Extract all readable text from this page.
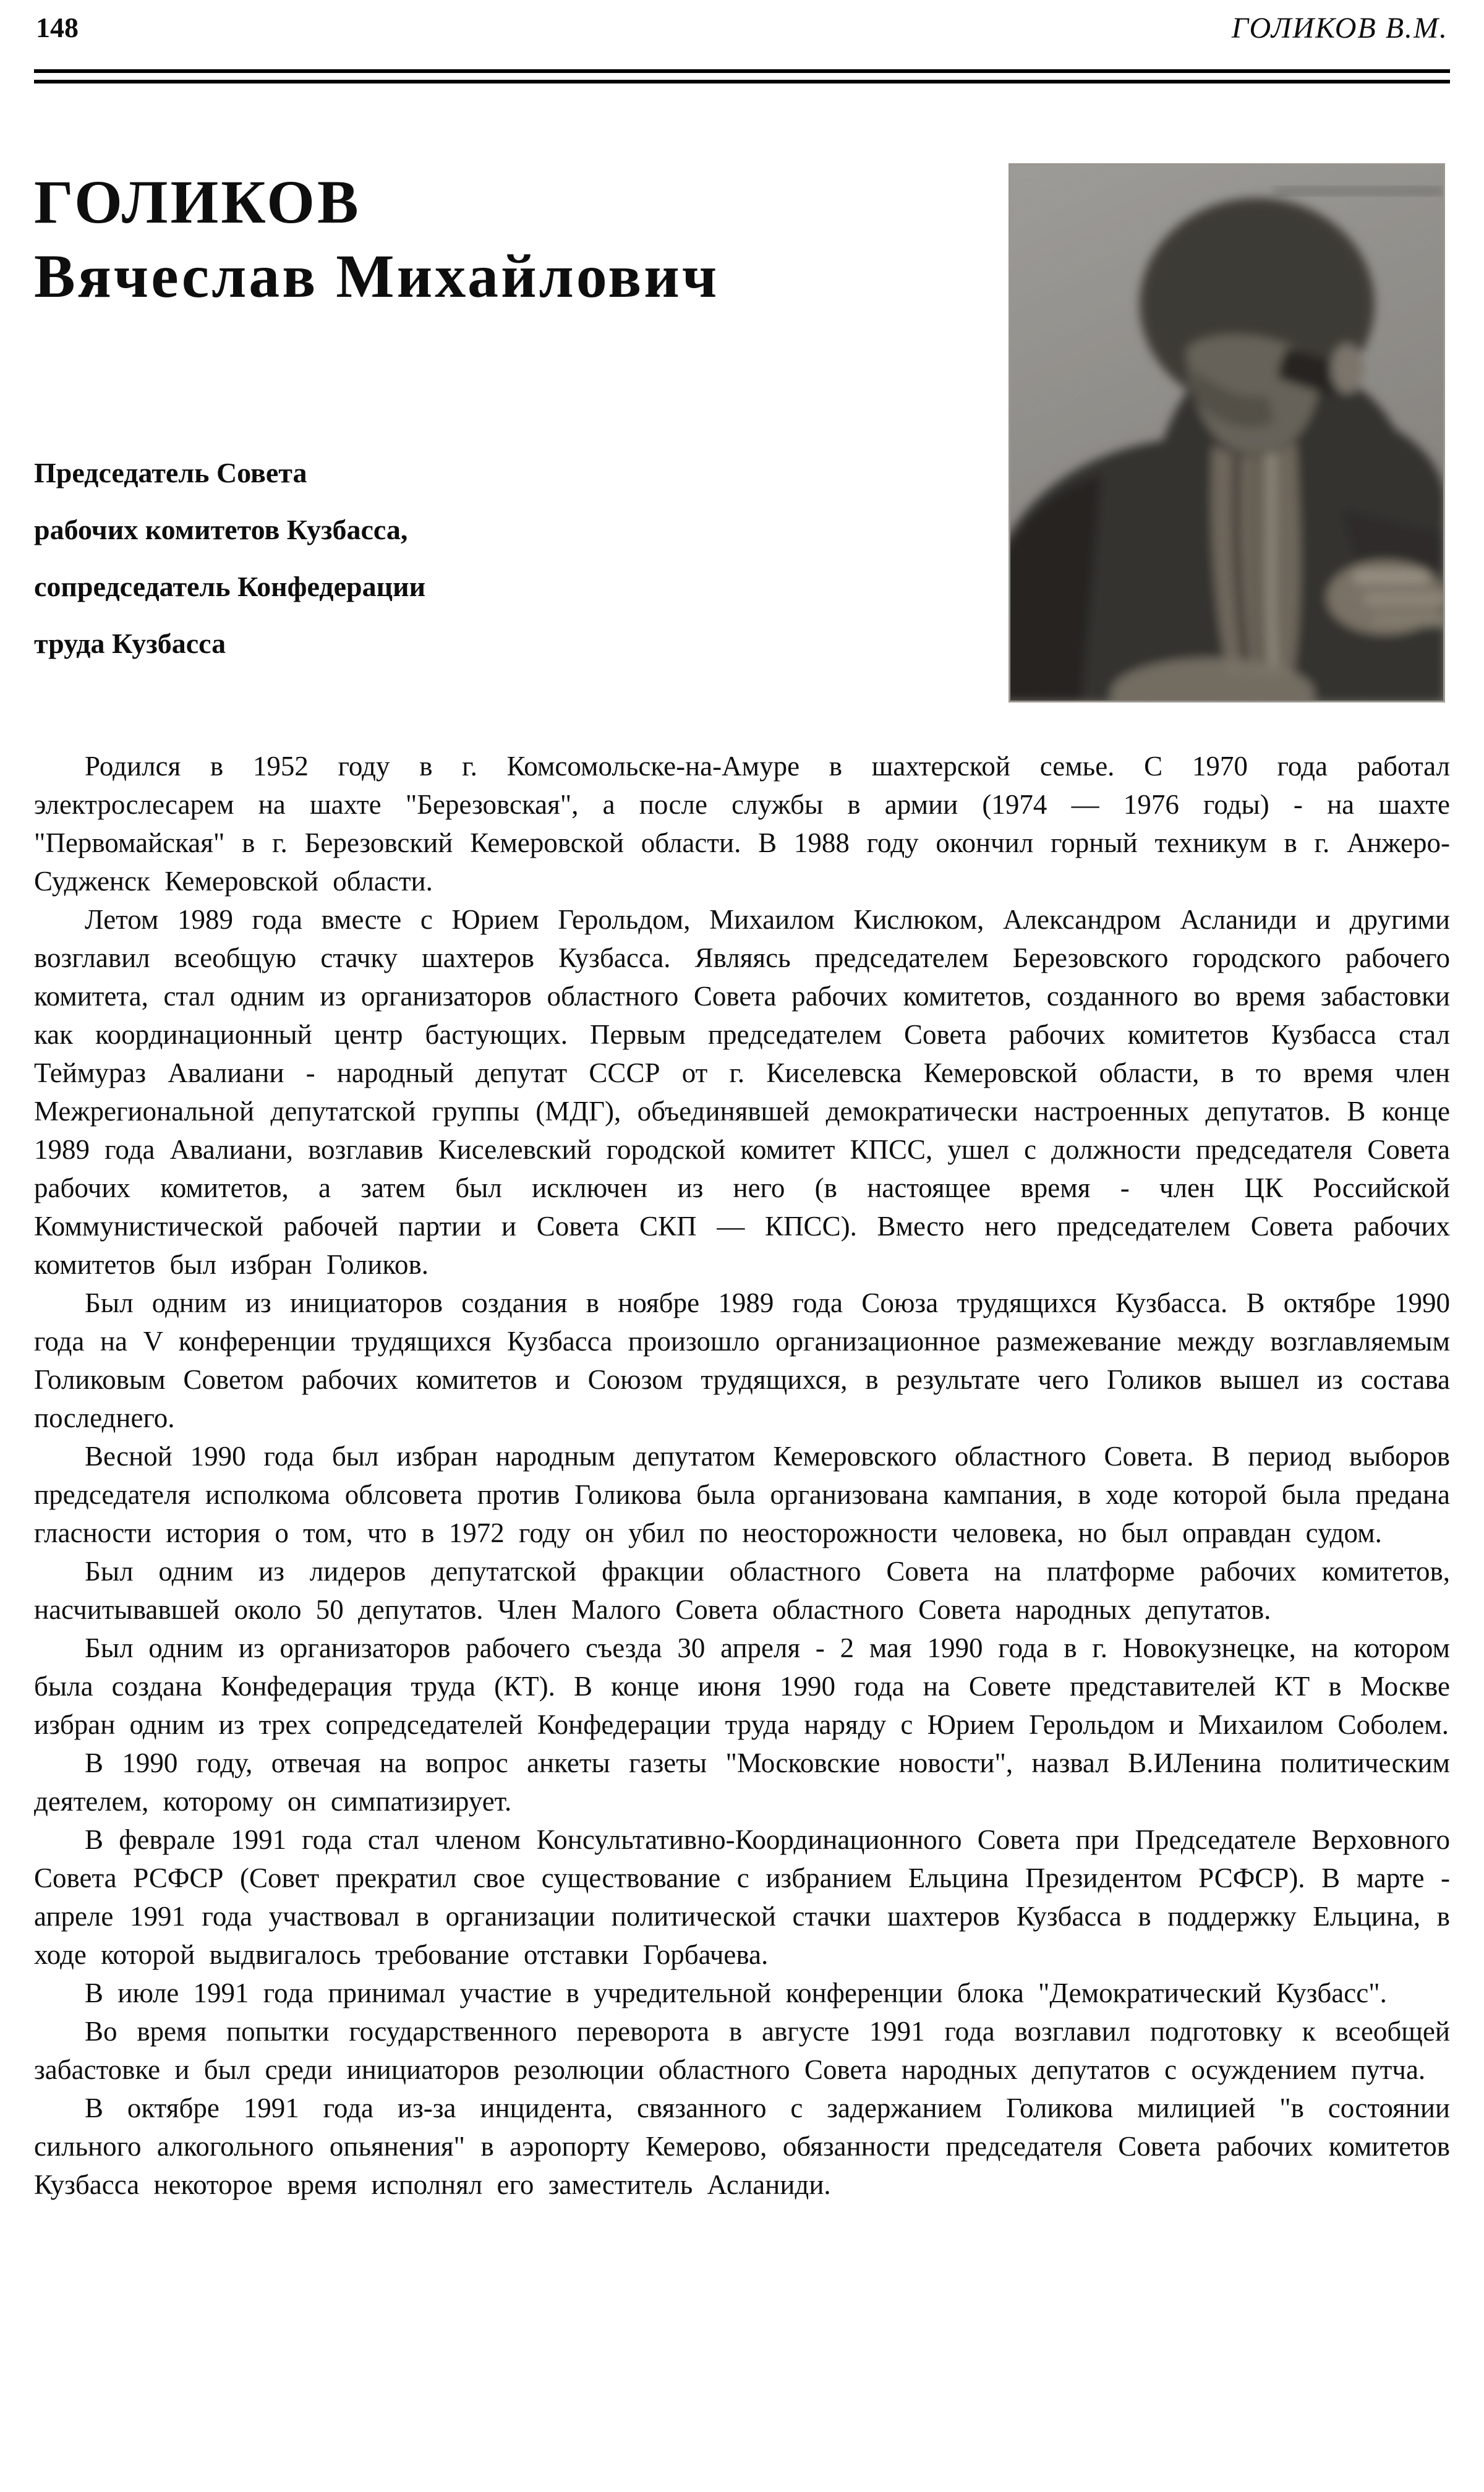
148	ГОЛИКОВ В.М.
ГОЛИКОВ
Вячеслав Михайлович
Председатель Совета
рабочих комитетов Кузбасса,
сопредседатель Конфедерации
труда Кузбасса

Родился в 1952 году в г. Комсомольске-на-Амуре в шахтерской семье. С 1970 года работал электрослесарем на шахте "Березовская", а после службы в армии (1974 — 1976 годы) - на шахте "Первомайская" в г. Березовский Кемеровской области. В 1988 году окончил горный техникум в г. Анжеро-Судженск Кемеровской области.

Летом 1989 года вместе с Юрием Герольдом, Михаилом Кислюком, Александром Асланиди и другими возглавил всеобщую стачку шахтеров Кузбасса. Являясь председателем Березовского городского рабочего комитета, стал одним из организаторов областного Совета рабочих комитетов, созданного во время забастовки как координационный центр бастующих. Первым председателем Совета рабочих комитетов Кузбасса стал Теймураз Авалиани - народный депутат СССР от г. Киселевска Кемеровской области, в то время член Межрегиональной депутатской группы (МДГ), объединявшей демократически настроенных депутатов. В конце 1989 года Авалиани, возглавив Киселевский городской комитет КПСС, ушел с должности председателя Совета рабочих комитетов, а затем был исключен из него (в настоящее время - член ЦК Российской Коммунистической рабочей партии и Совета СКП — КПСС). Вместо него председателем Совета рабочих комитетов был избран Голиков.

Был одним из инициаторов создания в ноябре 1989 года Союза трудящихся Кузбасса. В октябре 1990 года на V конференции трудящихся Кузбасса произошло организационное размежевание между возглавляемым Голиковым Советом рабочих комитетов и Союзом трудящихся, в результате чего Голиков вышел из состава последнего.

Весной 1990 года был избран народным депутатом Кемеровского областного Совета. В период выборов председателя исполкома облсовета против Голикова была организована кампания, в ходе которой была предана гласности история о том, что в 1972 году он убил по неосторожности человека, но был оправдан судом.

Был одним из лидеров депутатской фракции областного Совета на платформе рабочих комитетов, насчитывавшей около 50 депутатов. Член Малого Совета областного Совета народных депутатов.

Был одним из организаторов рабочего съезда 30 апреля - 2 мая 1990 года в г. Новокузнецке, на котором была создана Конфедерация труда (КТ). В конце июня 1990 года на Совете представителей КТ в Москве избран одним из трех сопредседателей Конфедерации труда наряду с Юрием Герольдом и Михаилом Соболем.

В 1990 году, отвечая на вопрос анкеты газеты "Московские новости", назвал В.ИЛенина политическим деятелем, которому он симпатизирует.

В феврале 1991 года стал членом Консультативно-Координационного Совета при Председателе Верховного Совета РСФСР (Совет прекратил свое существование с избранием Ельцина Президентом РСФСР). В марте - апреле 1991 года участвовал в организации политической стачки шахтеров Кузбасса в поддержку Ельцина, в ходе которой выдвигалось требование отставки Горбачева.

В июле 1991 года принимал участие в учредительной конференции блока "Демократический Кузбасс".

Во время попытки государственного переворота в августе 1991 года возглавил подготовку к всеобщей забастовке и был среди инициаторов резолюции областного Совета народных депутатов с осуждением путча.

В октябре 1991 года из-за инцидента, связанного с задержанием Голикова милицией "в состоянии сильного алкогольного опьянения" в аэропорту Кемерово, обязанности председателя Совета рабочих комитетов Кузбасса некоторое время исполнял его заместитель Асланиди.
